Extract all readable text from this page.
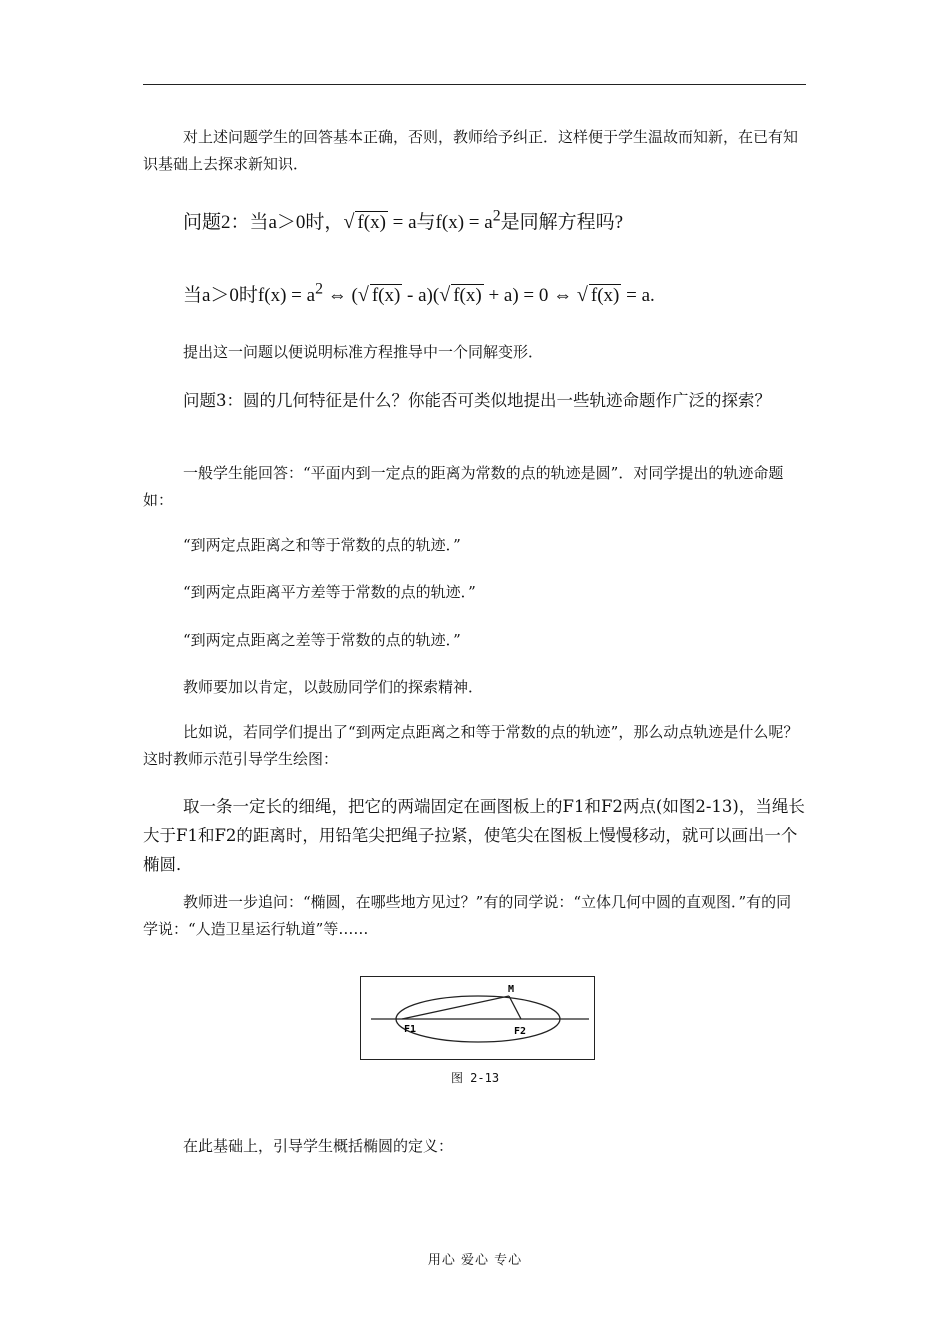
对上述问题学生的回答基本正确，否则，教师给予纠正．这样便于学生温故而知新，在已有知识基础上去探求新知识．

问题2：当a＞0时，√ f(x) = a与$f(x) = a^2$是同解方程吗?
当a＞0时$f(x) = a^2$ ⇔ (√ f(x) - a)(√ f(x) + a) = 0 ⇔ √ f(x) = a.

提出这一问题以便说明标准方程推导中一个同解变形．

问题3：圆的几何特征是什么？你能否可类似地提出一些轨迹命题作广泛的探索？

一般学生能回答：“平面内到一定点的距离为常数的点的轨迹是圆”．对同学提出的轨迹命题如：

“到两定点距离之和等于常数的点的轨迹．”

“到两定点距离平方差等于常数的点的轨迹．”

“到两定点距离之差等于常数的点的轨迹．”

教师要加以肯定，以鼓励同学们的探索精神．

比如说，若同学们提出了“到两定点距离之和等于常数的点的轨迹”，那么动点轨迹是什么呢？这时教师示范引导学生绘图：

取一条一定长的细绳，把它的两端固定在画图板上的F1和F2两点(如图2-13)，当绳长大于F1和F2的距离时，用铅笔尖把绳子拉紧，使笔尖在图板上慢慢移动，就可以画出一个椭圆．

教师进一步追问：“椭圆，在哪些地方见过？”有的同学说：“立体几何中圆的直观图．”有的同学说：“人造卫星运行轨道”等……

M
F1	F2
图 2-13

在此基础上，引导学生概括椭圆的定义：

用心 爱心 专心
